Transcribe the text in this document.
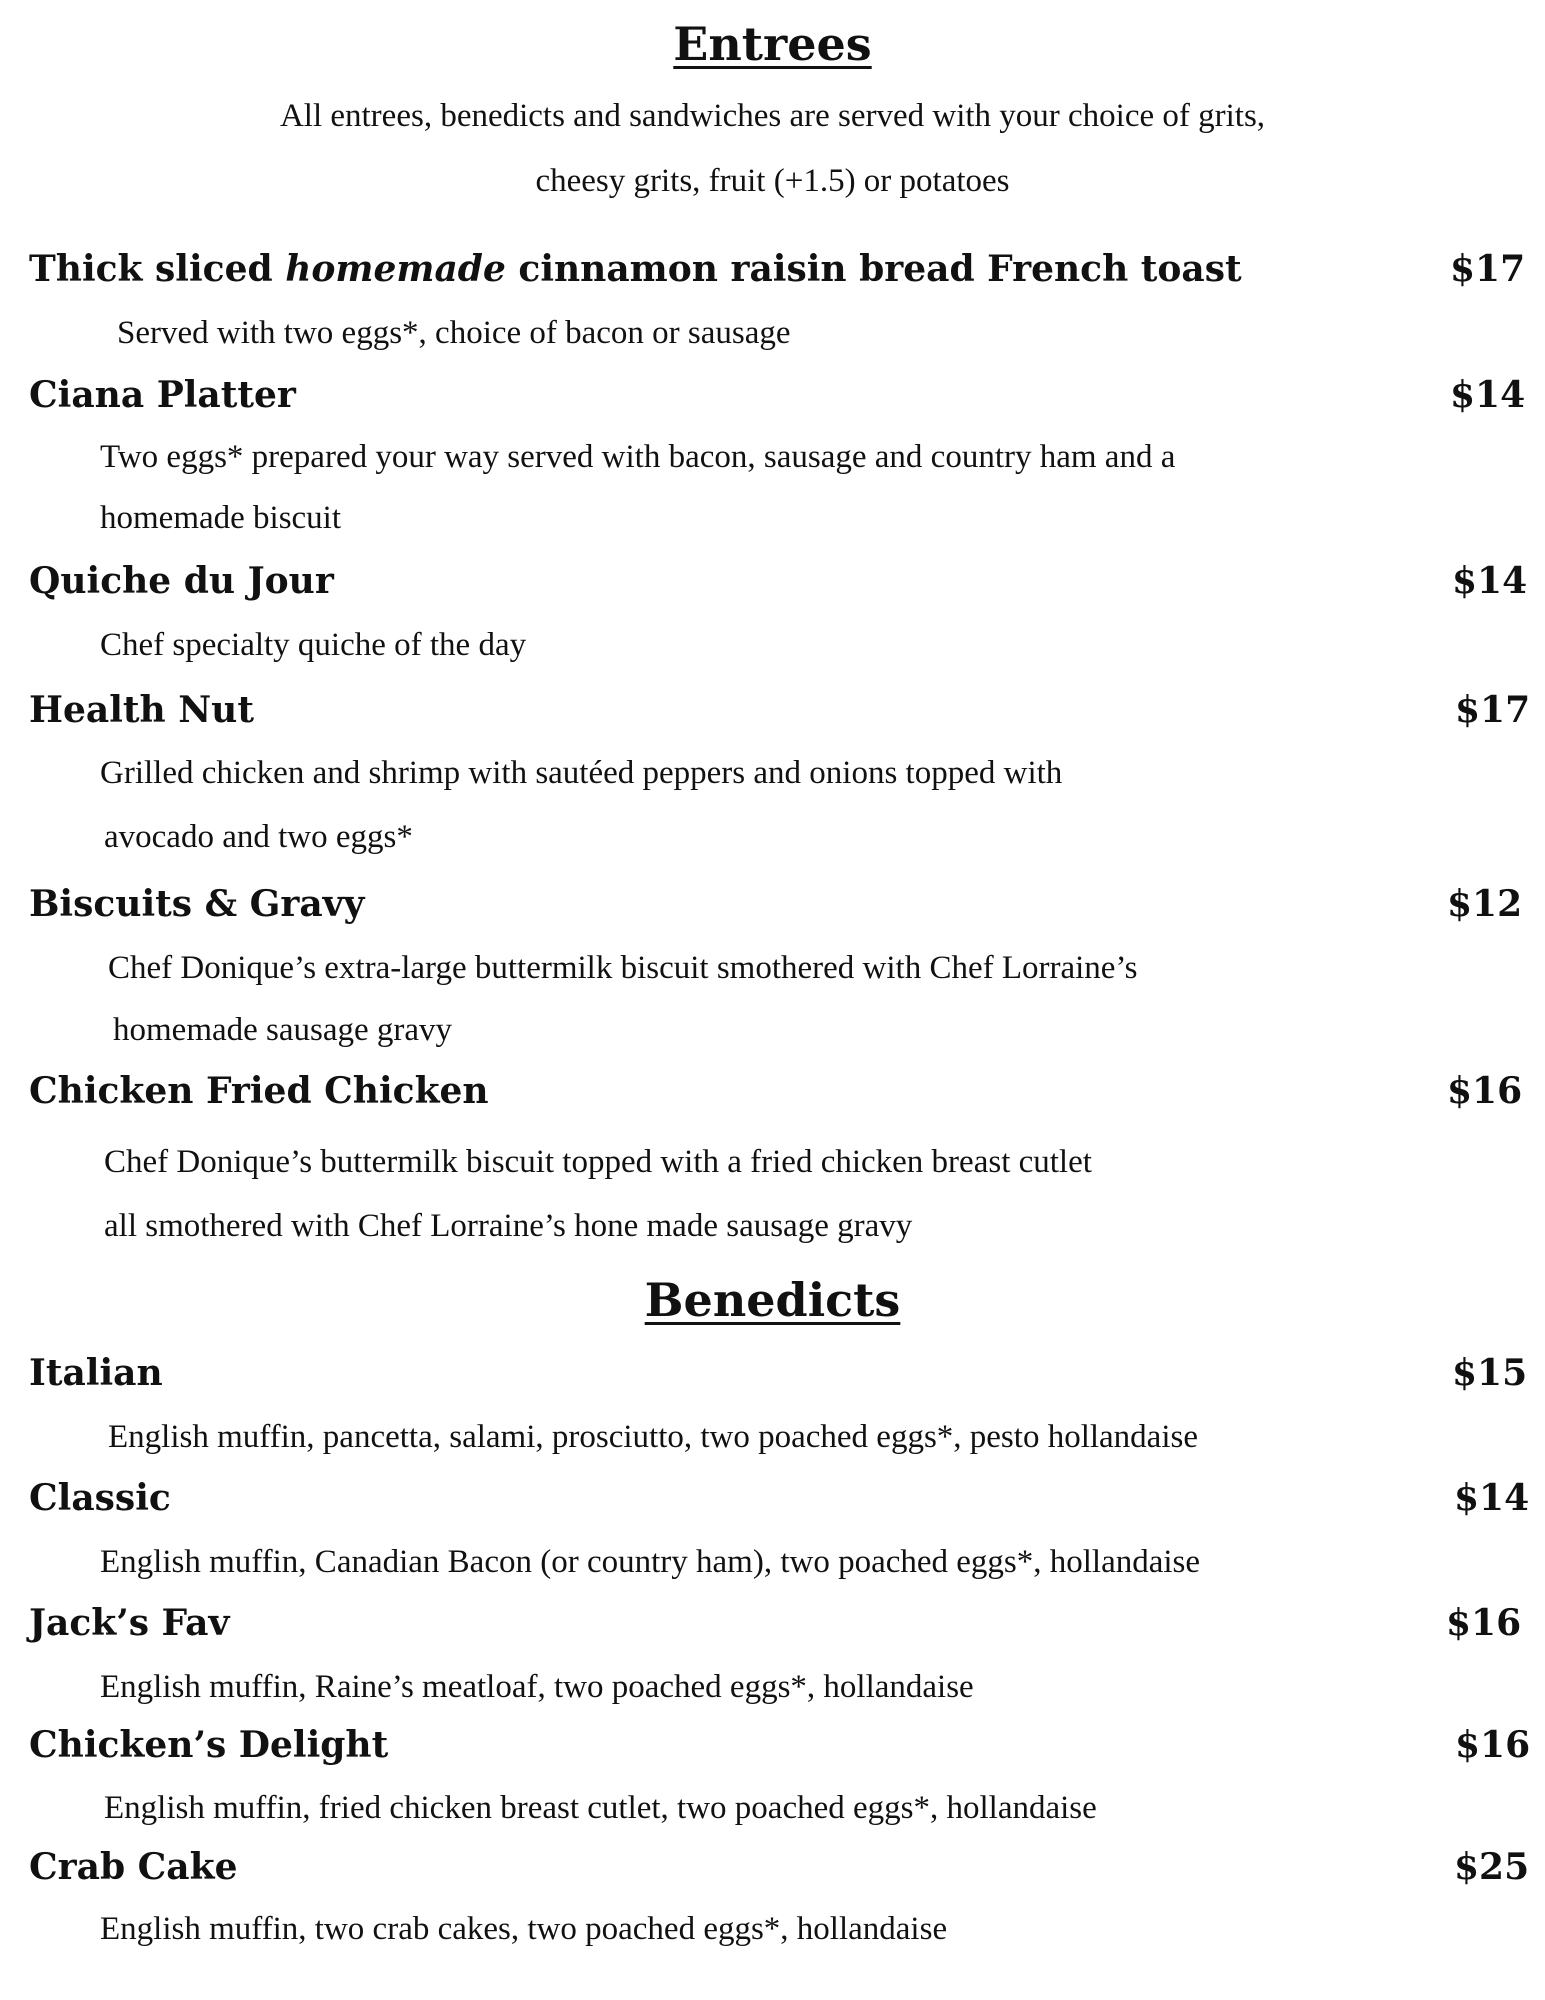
Entrees
All entrees, benedicts and sandwiches are served with your choice of grits,
cheesy grits, fruit (+1.5) or potatoes
Thick sliced homemade cinnamon raisin bread French toast	$17
Served with two eggs*, choice of bacon or sausage
Ciana Platter	$14
Two eggs* prepared your way served with bacon, sausage and country ham and a
homemade biscuit
Quiche du Jour	$14
Chef specialty quiche of the day
Health Nut	$17
Grilled chicken and shrimp with sautéed peppers and onions topped with
avocado and two eggs*
Biscuits & Gravy	$12
Chef Donique’s extra-large buttermilk biscuit smothered with Chef Lorraine’s
homemade sausage gravy
Chicken Fried Chicken	$16
Chef Donique’s buttermilk biscuit topped with a fried chicken breast cutlet
all smothered with Chef Lorraine’s hone made sausage gravy
Benedicts
Italian	$15
English muffin, pancetta, salami, prosciutto, two poached eggs*, pesto hollandaise
Classic	$14
English muffin, Canadian Bacon (or country ham), two poached eggs*, hollandaise
Jack’s Fav	$16
English muffin, Raine’s meatloaf, two poached eggs*, hollandaise
Chicken’s Delight	$16
English muffin, fried chicken breast cutlet, two poached eggs*, hollandaise
Crab Cake	$25
English muffin, two crab cakes, two poached eggs*, hollandaise
